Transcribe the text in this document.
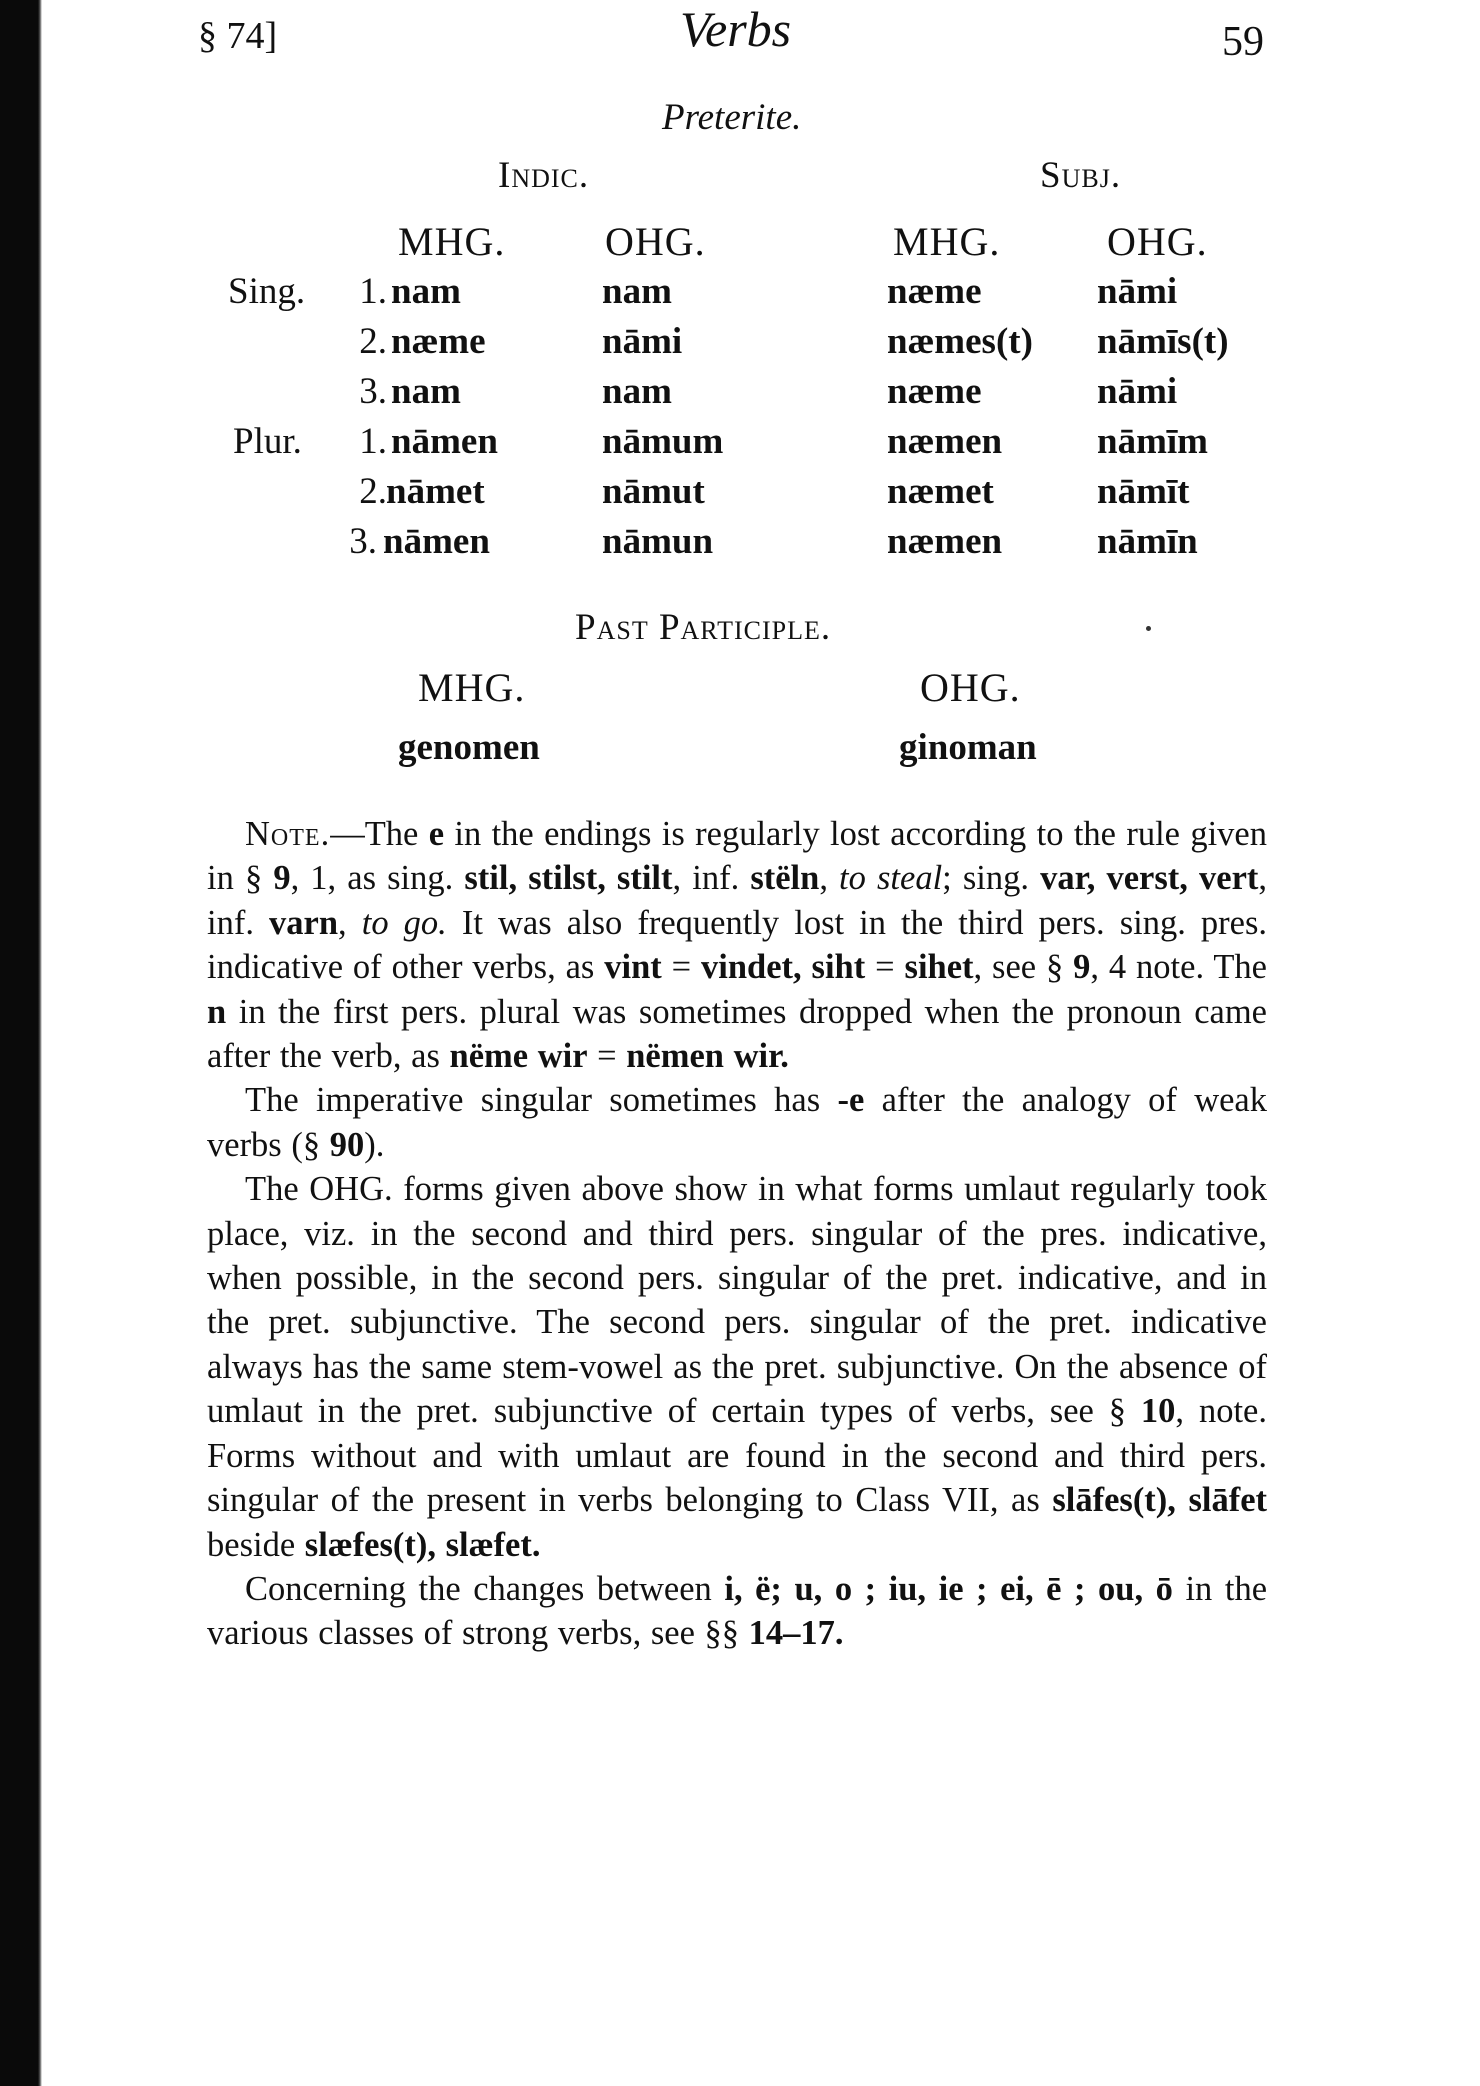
§ 74]	Verbs	59
Preterite.
Indic.	Subj.
MHG. OHG.	MHG.	OHG.
Sing. 1. nam	nam	næme	nāmi
2. næme	nāmi	næmes(t) nāmīs(t)
3. nam	nam	næme	nāmi
Plur. 1. nāmen	nāmum	næmen	nāmīm
2. nāmet	nāmut	næmet	nāmīt
3. nāmen	nāmun	næmen	nāmīn
Past Participle.
MHG.	OHG.
genomen	ginoman

Note.—The e in the endings is regularly lost according to the rule given in § 9, 1, as sing. stil, stilst, stilt, inf. stëln, to steal; sing. var, verst, vert, inf. varn, to go. It was also frequently lost in the third pers. sing. pres. indicative of other verbs, as vint = vindet, siht = sihet, see § 9, 4 note. The n in the first pers. plural was sometimes dropped when the pronoun came after the verb, as nëme wir = nëmen wir.

The imperative singular sometimes has -e after the analogy of weak verbs (§ 90).

The OHG. forms given above show in what forms umlaut regularly took place, viz. in the second and third pers. singular of the pres. indicative, when possible, in the second pers. singular of the pret. indicative, and in the pret. subjunctive. The second pers. singular of the pret. indicative always has the same stem-vowel as the pret. subjunctive. On the absence of umlaut in the pret. subjunctive of certain types of verbs, see § 10, note. Forms without and with umlaut are found in the second and third pers. singular of the present in verbs belonging to Class VII, as slāfes(t), slāfet beside slæfes(t), slæfet.

Concerning the changes between i, ë; u, o ; iu, ie ; ei, ē ; ou, ō in the various classes of strong verbs, see §§ 14–17.
